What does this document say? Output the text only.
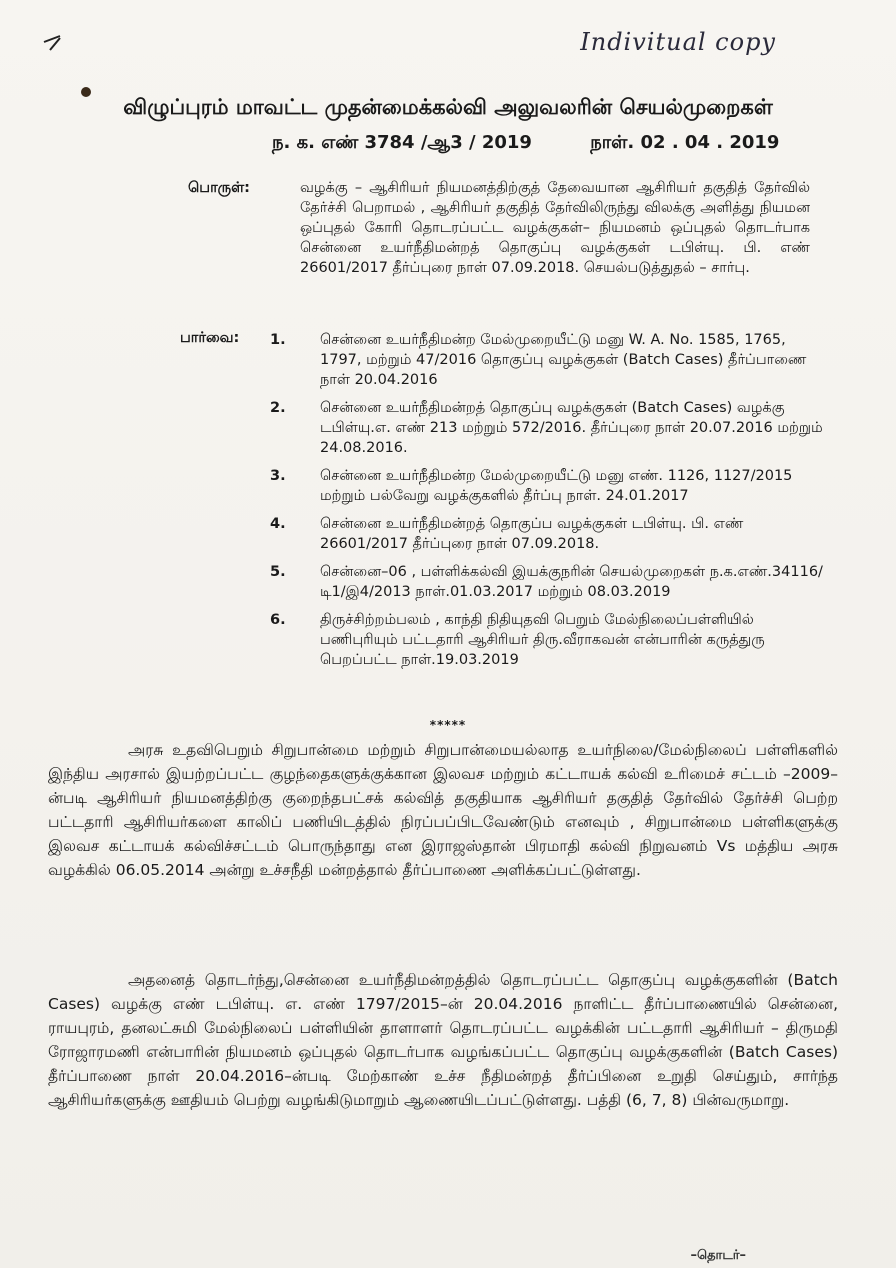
Indivitual copy
விழுப்புரம் மாவட்ட முதன்மைக்கல்வி அலுவலரின் செயல்முறைகள்
ந. க. எண் 3784 /ஆ3 / 2019	நாள். 02 . 04 . 2019
பொருள்:	வழக்கு – ஆசிரியர் நியமனத்திற்குத் தேவையான ஆசிரியர் தகுதித் தேர்வில் தேர்ச்சி பெறாமல் , ஆசிரியர் தகுதித் தேர்விலிருந்து விலக்கு அளித்து நியமன ஒப்புதல் கோரி தொடரப்பட்ட வழக்குகள்– நியமனம் ஒப்புதல் தொடர்பாக சென்னை உயர்நீதிமன்றத் தொகுப்பு வழக்குகள் டபிள்யு. பி. எண் 26601/2017 தீர்ப்புரை நாள் 07.09.2018. செயல்படுத்துதல் – சார்பு.
பார்வை: 1.	சென்னை உயர்நீதிமன்ற மேல்முறையீட்டு மனு W. A. No. 1585, 1765, 1797, மற்றும் 47/2016 தொகுப்பு வழக்குகள் (Batch Cases) தீர்ப்பாணை நாள் 20.04.2016
2.	சென்னை உயர்நீதிமன்றத் தொகுப்பு வழக்குகள் (Batch Cases) வழக்கு டபிள்யு.எ. எண் 213 மற்றும் 572/2016. தீர்ப்புரை நாள் 20.07.2016 மற்றும் 24.08.2016.
3.	சென்னை உயர்நீதிமன்ற மேல்முறையீட்டு மனு எண். 1126, 1127/2015 மற்றும் பல்வேறு வழக்குகளில் தீர்ப்பு நாள். 24.01.2017
4.	சென்னை உயர்நீதிமன்றத் தொகுப்ப வழக்குகள் டபிள்யு. பி. எண் 26601/2017 தீர்ப்புரை நாள் 07.09.2018.
5.	சென்னை–06 , பள்ளிக்கல்வி இயக்குநரின் செயல்முறைகள் ந.க.எண்.34116/டி1/இ4/2013 நாள்.01.03.2017 மற்றும் 08.03.2019
6.	திருச்சிற்றம்பலம் , காந்தி நிதியுதவி பெறும் மேல்நிலைப்பள்ளியில் பணிபுரியும் பட்டதாரி ஆசிரியர் திரு.வீராகவன் என்பாரின் கருத்துரு பெறப்பட்ட நாள்.19.03.2019
*****
அரசு உதவிபெறும் சிறுபான்மை மற்றும் சிறுபான்மையல்லாத உயர்நிலை/மேல்நிலைப் பள்ளிகளில் இந்திய அரசால் இயற்றப்பட்ட குழந்தைகளுக்குக்கான இலவச மற்றும் கட்டாயக் கல்வி உரிமைச் சட்டம் –2009–ன்படி ஆசிரியர் நியமனத்திற்கு குறைந்தபட்சக் கல்வித் தகுதியாக ஆசிரியர் தகுதித் தேர்வில் தேர்ச்சி பெற்ற பட்டதாரி ஆசிரியர்களை காலிப் பணியிடத்தில் நிரப்பப்பிடவேண்டும் எனவும் , சிறுபான்மை பள்ளிகளுக்கு இலவச கட்டாயக் கல்விச்சட்டம் பொருந்தாது என இராஜஸ்தான் பிரமாதி கல்வி நிறுவனம் Vs மத்திய அரசு வழக்கில் 06.05.2014 அன்று உச்சநீதி மன்றத்தால் தீர்ப்பாணை அளிக்கப்பட்டுள்ளது.
அதனைத் தொடர்ந்து,சென்னை உயர்நீதிமன்றத்தில் தொடரப்பட்ட தொகுப்பு வழக்குகளின் (Batch Cases) வழக்கு எண் டபிள்யு. எ. எண் 1797/2015–ன் 20.04.2016 நாளிட்ட தீர்ப்பாணையில் சென்னை, ராயபுரம், தனலட்சுமி மேல்நிலைப் பள்ளியின் தாளாளர் தொடரப்பட்ட வழக்கின் பட்டதாரி ஆசிரியர் – திருமதி ரோஜாரமணி என்பாரின் நியமனம் ஒப்புதல் தொடர்பாக வழங்கப்பட்ட தொகுப்பு வழக்குகளின் (Batch Cases) தீர்ப்பாணை நாள் 20.04.2016–ன்படி மேற்காண் உச்ச நீதிமன்றத் தீர்ப்பினை உறுதி செய்தும், சார்ந்த ஆசிரியர்களுக்கு ஊதியம் பெற்று வழங்கிடுமாறும் ஆணையிடப்பட்டுள்ளது. பத்தி (6, 7, 8) பின்வருமாறு.
–தொடர்–
